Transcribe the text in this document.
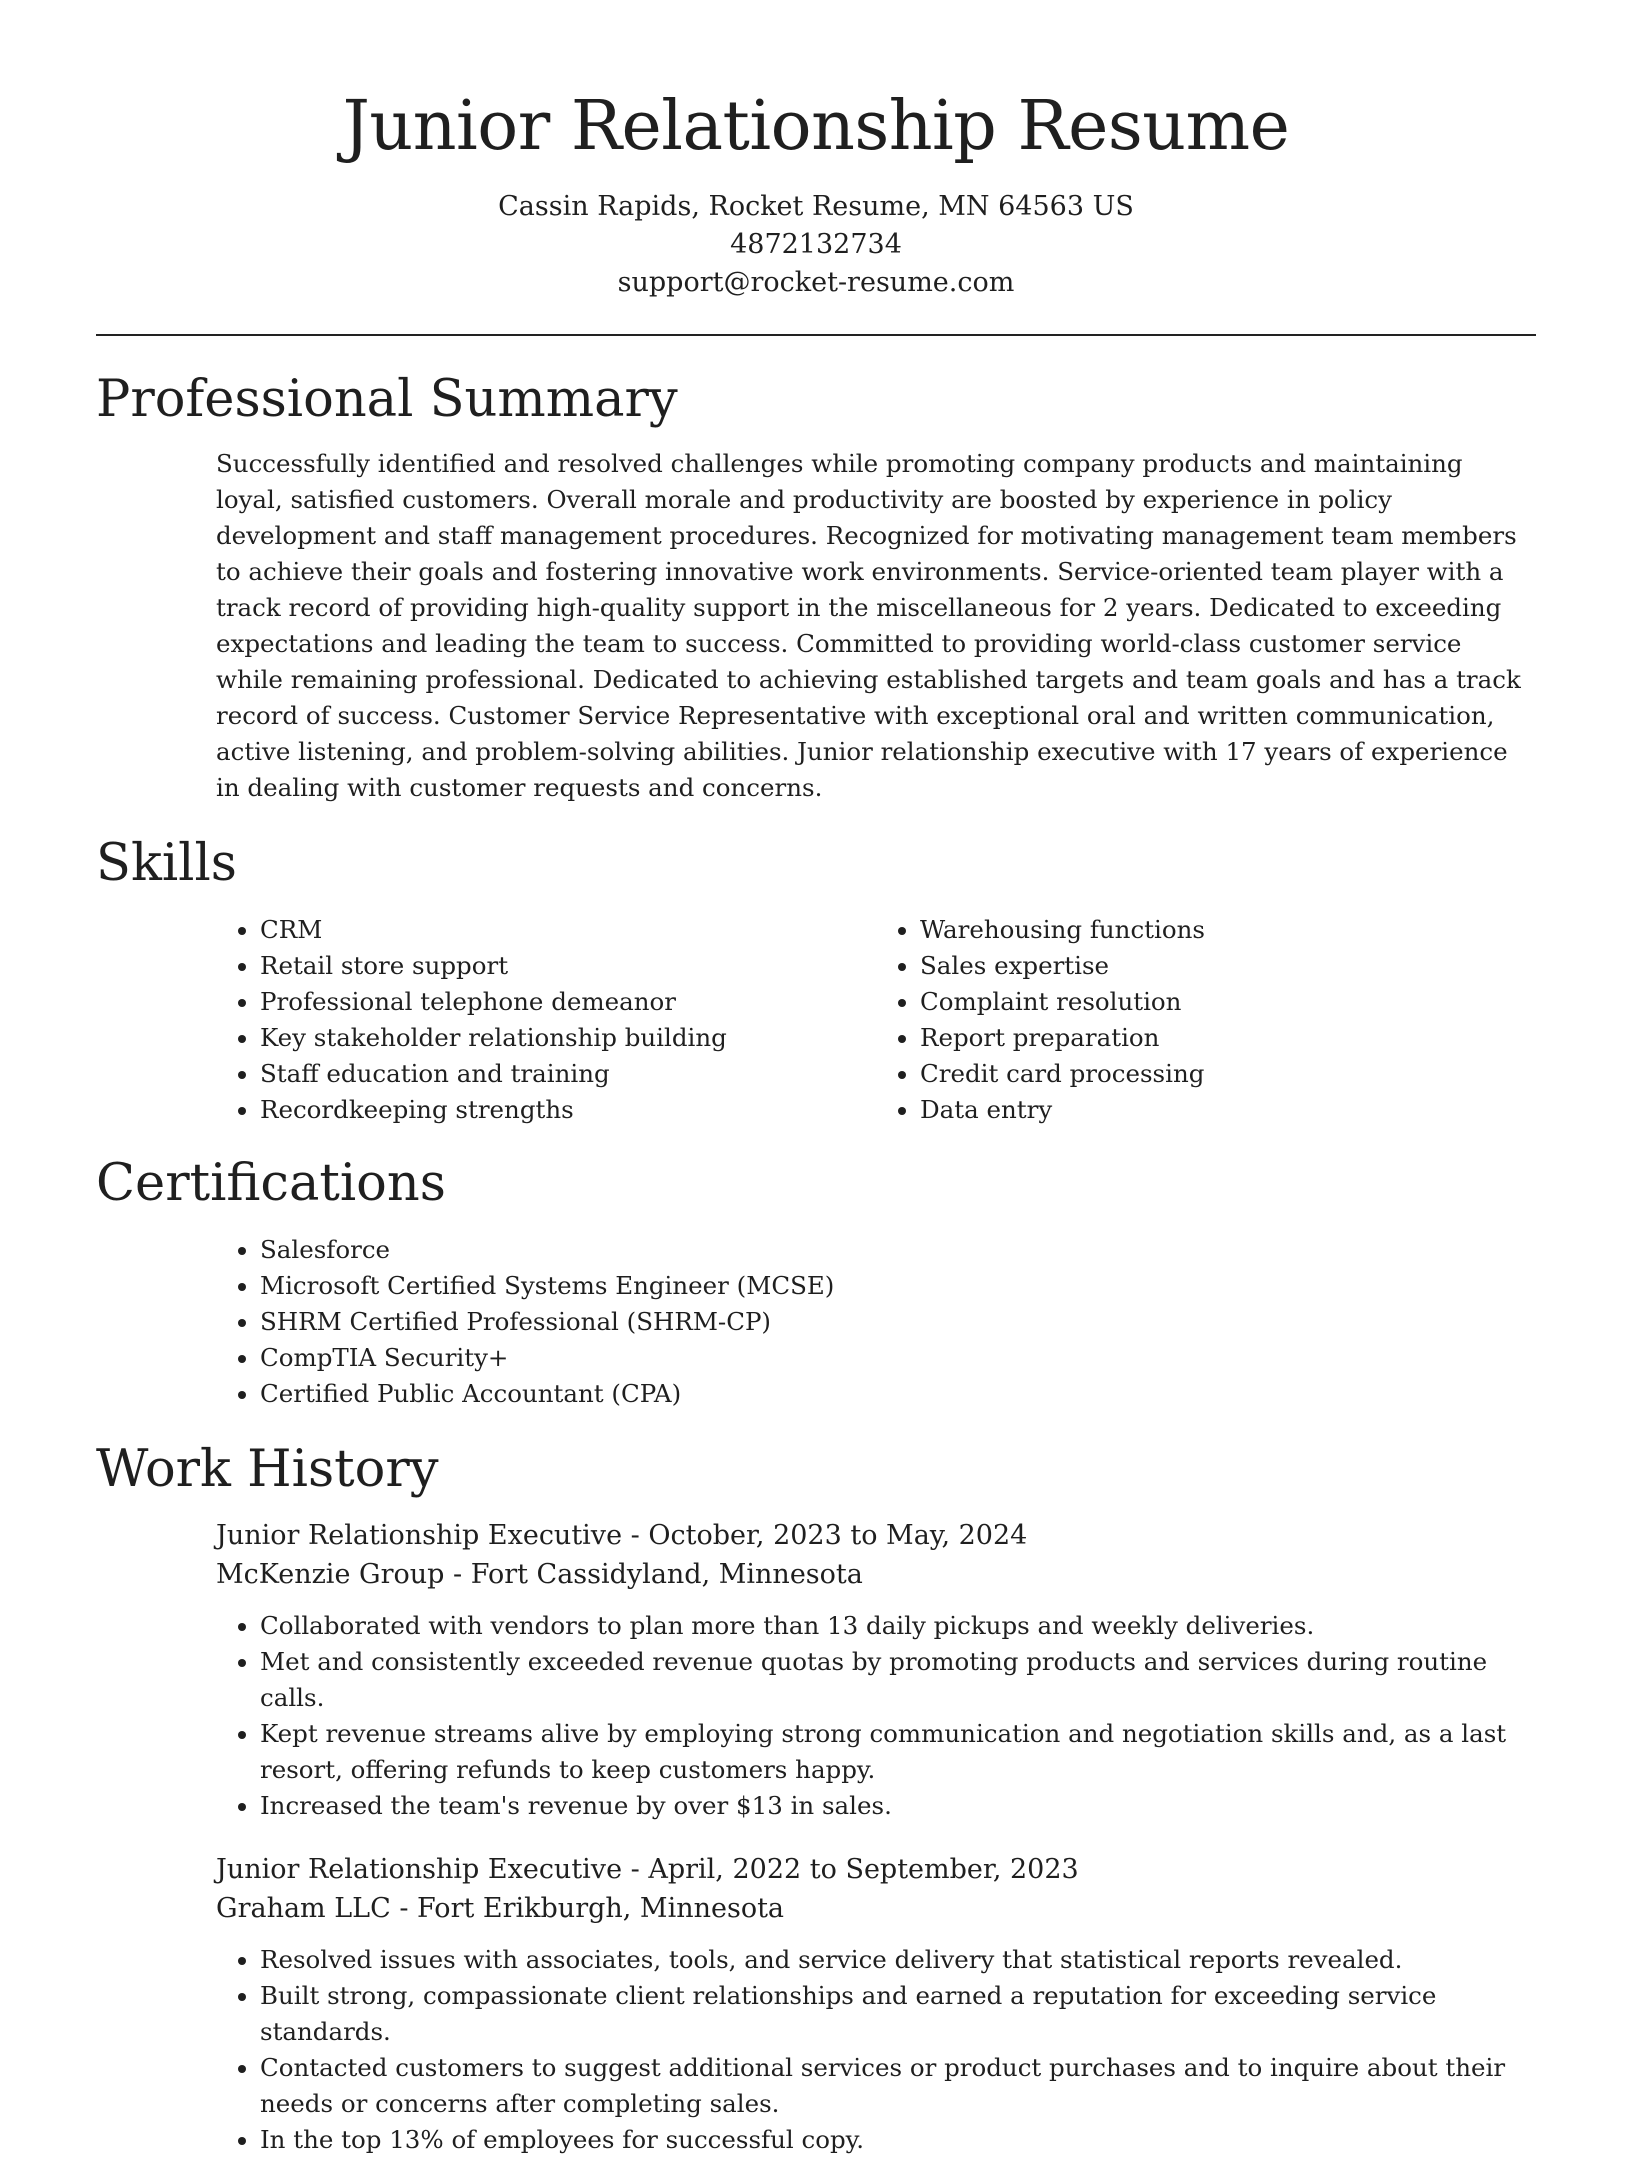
Junior Relationship Resume

Cassin Rapids, Rocket Resume, MN 64563 US

4872132734

support@rocket-resume.com

Professional Summary

Successfully identified and resolved challenges while promoting company products and maintaining loyal, satisfied customers. Overall morale and productivity are boosted by experience in policy development and staff management procedures. Recognized for motivating management team members to achieve their goals and fostering innovative work environments. Service-oriented team player with a track record of providing high-quality support in the miscellaneous for 2 years. Dedicated to exceeding expectations and leading the team to success. Committed to providing world-class customer service while remaining professional. Dedicated to achieving established targets and team goals and has a track record of success. Customer Service Representative with exceptional oral and written communication, active listening, and problem-solving abilities. Junior relationship executive with 17 years of experience in dealing with customer requests and concerns.

Skills
• CRM
• Retail store support
• Professional telephone demeanor
• Key stakeholder relationship building
• Staff education and training
• Recordkeeping strengths
• Warehousing functions
• Sales expertise
• Complaint resolution
• Report preparation
• Credit card processing
• Data entry
Certifications
• Salesforce
• Microsoft Certified Systems Engineer (MCSE)
• SHRM Certified Professional (SHRM-CP)
• CompTIA Security+
• Certified Public Accountant (CPA)
Work History

Junior Relationship Executive - October, 2023 to May, 2024

McKenzie Group - Fort Cassidyland, Minnesota

• Collaborated with vendors to plan more than 13 daily pickups and weekly deliveries.
• Met and consistently exceeded revenue quotas by promoting products and services during routine calls.
• Kept revenue streams alive by employing strong communication and negotiation skills and, as a last resort, offering refunds to keep customers happy.
• Increased the team's revenue by over $13 in sales.

Junior Relationship Executive - April, 2022 to September, 2023

Graham LLC - Fort Erikburgh, Minnesota

• Resolved issues with associates, tools, and service delivery that statistical reports revealed.
• Built strong, compassionate client relationships and earned a reputation for exceeding service standards.
• Contacted customers to suggest additional services or product purchases and to inquire about their needs or concerns after completing sales.
• In the top 13% of employees for successful copy.
